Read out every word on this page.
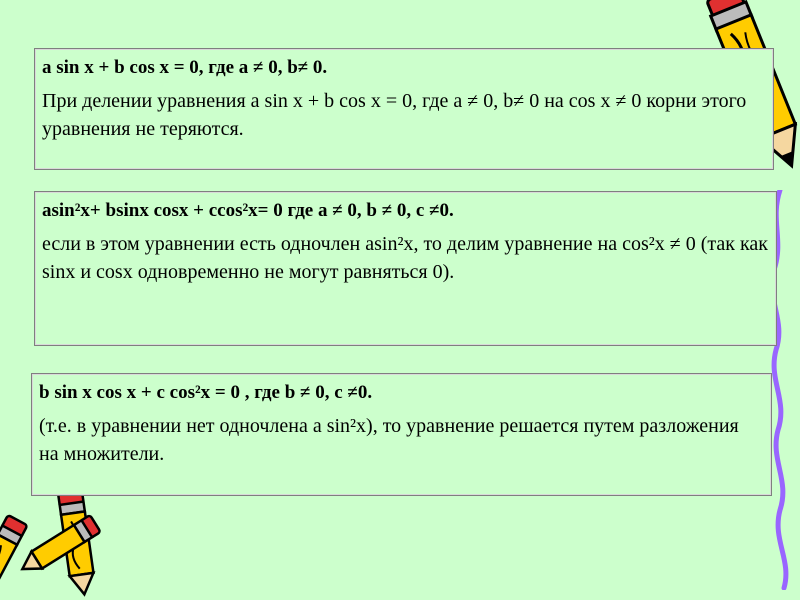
a sin x + b cos x = 0, где a ≠ 0, b≠ 0.

При делении уравнения a sin x + b cos x = 0, где a ≠ 0, b≠ 0 на cos x ≠ 0 корни этого уравнения не теряются.

asin²x+ bsinx cosx + ccos²x= 0 где a ≠ 0, b ≠ 0, c ≠0.

если в этом уравнении есть одночлен asin²x, то делим уравнение на cos²x ≠ 0 (так как sinx и cosx одновременно не могут равняться 0).

b sin x cos x + c cos²x = 0 , где b ≠ 0, c ≠0.

(т.е. в уравнении нет одночлена a sin²x), то уравнение решается путем разложения на множители.
